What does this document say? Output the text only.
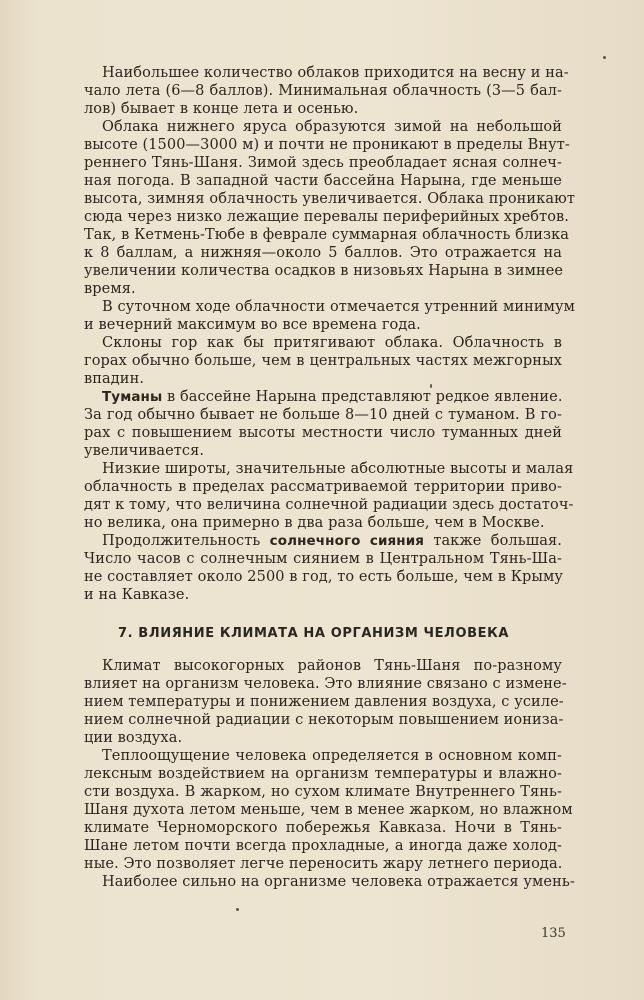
Наибольшее количество облаков приходится на весну и на-
чало лета (6—8 баллов). Минимальная облачность (3—5 бал-
лов) бывает в конце лета и осенью.
Облака нижнего яруса образуются зимой на небольшой
высоте (1500—3000 м) и почти не проникают в пределы Внут-
реннего Тянь-Шаня. Зимой здесь преобладает ясная солнеч-
ная погода. В западной части бассейна Нарына, где меньше
высота, зимняя облачность увеличивается. Облака проникают
сюда через низко лежащие перевалы периферийных хребтов.
Так, в Кетмень-Тюбе в феврале суммарная облачность близка
к 8 баллам, а нижняя—около 5 баллов. Это отражается на
увеличении количества осадков в низовьях Нарына в зимнее
время.
В суточном ходе облачности отмечается утренний минимум
и вечерний максимум во все времена года.
Склоны гор как бы притягивают облака. Облачность в
горах обычно больше, чем в центральных частях межгорных
впадин.
Туманы в бассейне Нарына представляют редкое явление.
За год обычно бывает не больше 8—10 дней с туманом. В го-
рах с повышением высоты местности число туманных дней
увеличивается.
Низкие широты, значительные абсолютные высоты и малая
облачность в пределах рассматриваемой территории приво-
дят к тому, что величина солнечной радиации здесь достаточ-
но велика, она примерно в два раза больше, чем в Москве.
Продолжительность солнечного сияния также большая.
Число часов с солнечным сиянием в Центральном Тянь-Ша-
не составляет около 2500 в год, то есть больше, чем в Крыму
и на Кавказе.
7. ВЛИЯНИЕ КЛИМАТА НА ОРГАНИЗМ ЧЕЛОВЕКА
Климат высокогорных районов Тянь-Шаня по-разному
влияет на организм человека. Это влияние связано с измене-
нием температуры и понижением давления воздуха, с усиле-
нием солнечной радиации с некоторым повышением иониза-
ции воздуха.
Теплоощущение человека определяется в основном комп-
лексным воздействием на организм температуры и влажно-
сти воздуха. В жарком, но сухом климате Внутреннего Тянь-
Шаня духота летом меньше, чем в менее жарком, но влажном
климате Черноморского побережья Кавказа. Ночи в Тянь-
Шане летом почти всегда прохладные, а иногда даже холод-
ные. Это позволяет легче переносить жару летнего периода.
Наиболее сильно на организме человека отражается умень-
135
